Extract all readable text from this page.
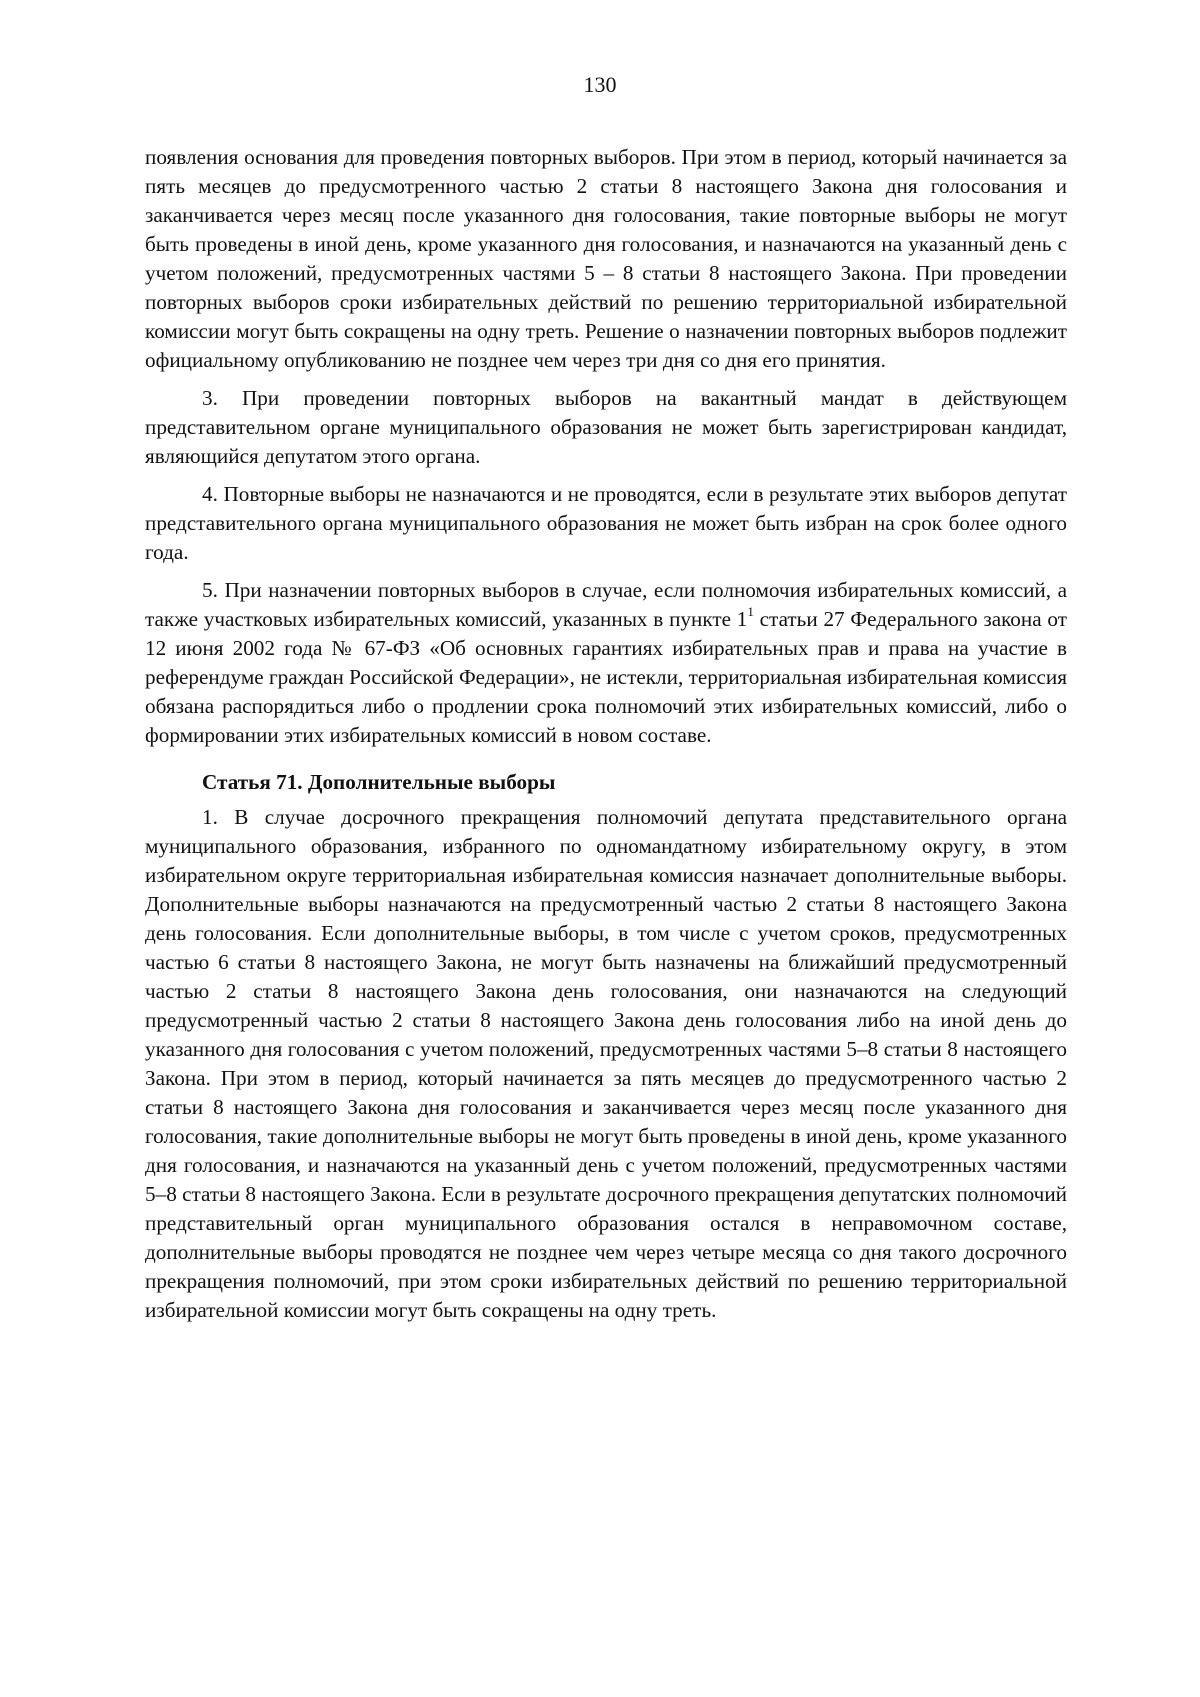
130

появления основания для проведения повторных выборов. При этом в период, который начинается за пять месяцев до предусмотренного частью 2 статьи 8 настоящего Закона дня голосования и заканчивается через месяц после указанного дня голосования, такие повторные выборы не могут быть проведены в иной день, кроме указанного дня голосования, и назначаются на указанный день с учетом положений, предусмотренных частями 5 – 8 статьи 8 настоящего Закона. При проведении повторных выборов сроки избирательных действий по решению территориальной избирательной комиссии могут быть сокращены на одну треть. Решение о назначении повторных выборов подлежит официальному опубликованию не позднее чем через три дня со дня его принятия.

3. При проведении повторных выборов на вакантный мандат в действующем представительном органе муниципального образования не может быть зарегистрирован кандидат, являющийся депутатом этого органа.

4. Повторные выборы не назначаются и не проводятся, если в результате этих выборов депутат представительного органа муниципального образования не может быть избран на срок более одного года.

5. При назначении повторных выборов в случае, если полномочия избирательных комиссий, а также участковых избирательных комиссий, указанных в пункте $1^1$ статьи 27 Федерального закона от 12 июня 2002 года № 67-ФЗ «Об основных гарантиях избирательных прав и права на участие в референдуме граждан Российской Федерации», не истекли, территориальная избирательная комиссия обязана распорядиться либо о продлении срока полномочий этих избирательных комиссий, либо о формировании этих избирательных комиссий в новом составе.

Статья 71. Дополнительные выборы

1. В случае досрочного прекращения полномочий депутата представительного органа муниципального образования, избранного по одномандатному избирательному округу, в этом избирательном округе территориальная избирательная комиссия назначает дополнительные выборы. Дополнительные выборы назначаются на предусмотренный частью 2 статьи 8 настоящего Закона день голосования. Если дополнительные выборы, в том числе с учетом сроков, предусмотренных частью 6 статьи 8 настоящего Закона, не могут быть назначены на ближайший предусмотренный частью 2 статьи 8 настоящего Закона день голосования, они назначаются на следующий предусмотренный частью 2 статьи 8 настоящего Закона день голосования либо на иной день до указанного дня голосования с учетом положений, предусмотренных частями 5–8 статьи 8 настоящего Закона. При этом в период, который начинается за пять месяцев до предусмотренного частью 2 статьи 8 настоящего Закона дня голосования и заканчивается через месяц после указанного дня голосования, такие дополнительные выборы не могут быть проведены в иной день, кроме указанного дня голосования, и назначаются на указанный день с учетом положений, предусмотренных частями 5–8 статьи 8 настоящего Закона. Если в результате досрочного прекращения депутатских полномочий представительный орган муниципального образования остался в неправомочном составе, дополнительные выборы проводятся не позднее чем через четыре месяца со дня такого досрочного прекращения полномочий, при этом сроки избирательных действий по решению территориальной избирательной комиссии могут быть сокращены на одну треть.
